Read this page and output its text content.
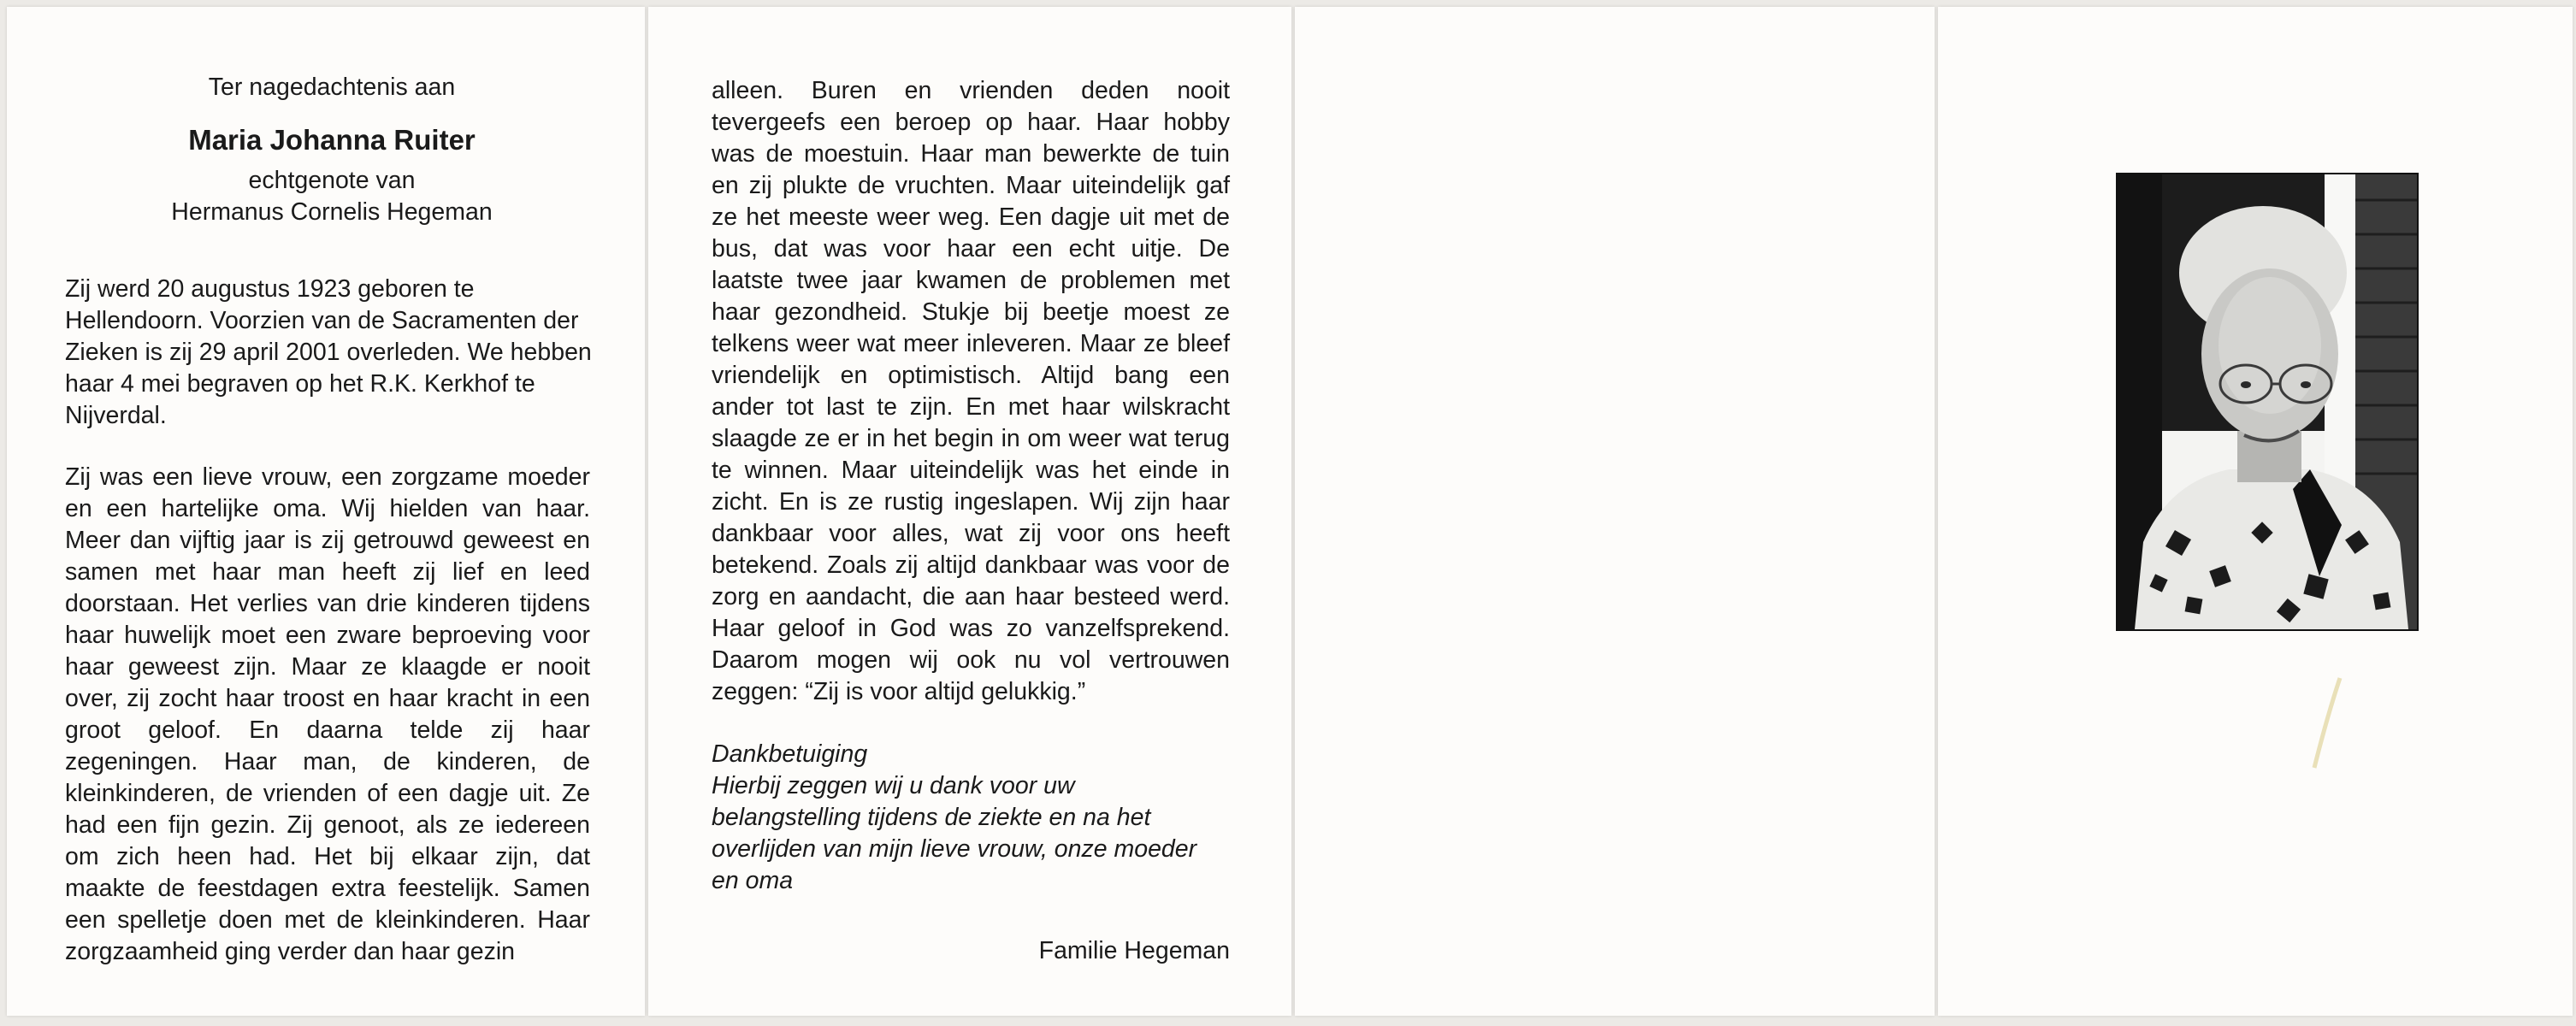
Ter nagedachtenis aan
Maria Johanna Ruiter
echtgenote van
Hermanus Cornelis Hegeman
Zij werd 20 augustus 1923 geboren te Hellendoorn. Voorzien van de Sacramenten der Zieken is zij 29 april 2001 overleden. We hebben haar 4 mei begraven op het R.K. Kerkhof te Nijverdal.
Zij was een lieve vrouw, een zorgzame moeder en een hartelijke oma. Wij hielden van haar. Meer dan vijftig jaar is zij getrouwd geweest en samen met haar man heeft zij lief en leed doorstaan. Het verlies van drie kinderen tijdens haar huwelijk moet een zware beproeving voor haar geweest zijn. Maar ze klaagde er nooit over, zij zocht haar troost en haar kracht in een groot geloof. En daarna telde zij haar zegeningen. Haar man, de kinderen, de kleinkinderen, de vrienden of een dagje uit. Ze had een fijn gezin. Zij genoot, als ze iedereen om zich heen had. Het bij elkaar zijn, dat maakte de feestdagen extra feestelijk. Samen een spelletje doen met de kleinkinderen. Haar zorgzaamheid ging verder dan haar gezin
alleen. Buren en vrienden deden nooit tevergeefs een beroep op haar. Haar hobby was de moestuin. Haar man bewerkte de tuin en zij plukte de vruchten. Maar uiteindelijk gaf ze het meeste weer weg. Een dagje uit met de bus, dat was voor haar een echt uitje. De laatste twee jaar kwamen de problemen met haar gezondheid. Stukje bij beetje moest ze telkens weer wat meer inleveren. Maar ze bleef vriendelijk en optimistisch. Altijd bang een ander tot last te zijn. En met haar wilskracht slaagde ze er in het begin in om weer wat terug te winnen. Maar uiteindelijk was het einde in zicht. En is ze rustig ingeslapen. Wij zijn haar dankbaar voor alles, wat zij voor ons heeft betekend. Zoals zij altijd dankbaar was voor de zorg en aandacht, die aan haar besteed werd. Haar geloof in God was zo vanzelfsprekend. Daarom mogen wij ook nu vol vertrouwen zeggen: “Zij is voor altijd gelukkig.”
Dankbetuiging
Hierbij zeggen wij u dank voor uw belangstelling tijdens de ziekte en na het overlijden van mijn lieve vrouw, onze moeder en oma
Familie Hegeman
